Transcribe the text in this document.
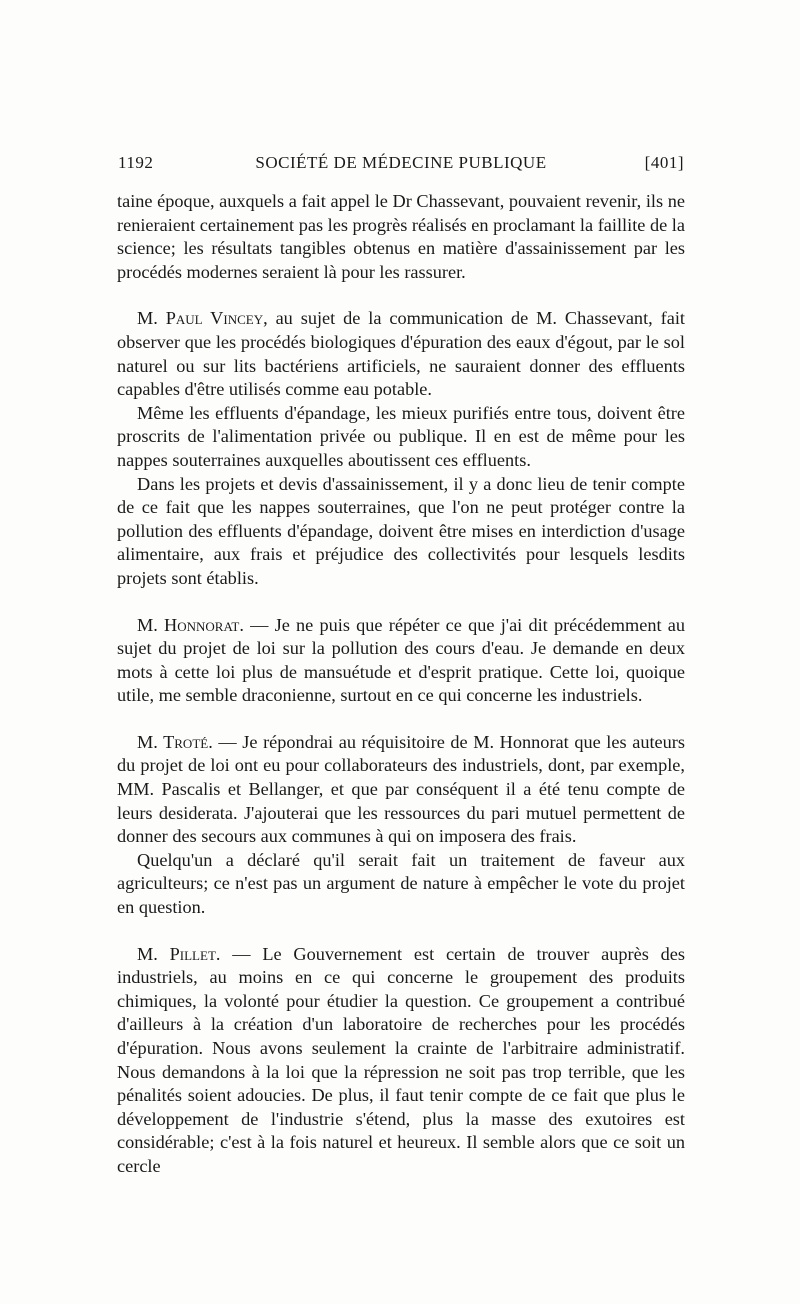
1192	SOCIÉTÉ DE MÉDECINE PUBLIQUE	[401]

taine époque, auxquels a fait appel le Dr Chassevant, pouvaient revenir, ils ne renieraient certainement pas les progrès réalisés en proclamant la faillite de la science; les résultats tangibles obtenus en matière d'assainissement par les procédés modernes seraient là pour les rassurer.

M. Paul Vincey, au sujet de la communication de M. Chassevant, fait observer que les procédés biologiques d'épuration des eaux d'égout, par le sol naturel ou sur lits bactériens artificiels, ne sauraient donner des effluents capables d'être utilisés comme eau potable.

Même les effluents d'épandage, les mieux purifiés entre tous, doivent être proscrits de l'alimentation privée ou publique. Il en est de même pour les nappes souterraines auxquelles aboutissent ces effluents.

Dans les projets et devis d'assainissement, il y a donc lieu de tenir compte de ce fait que les nappes souterraines, que l'on ne peut protéger contre la pollution des effluents d'épandage, doivent être mises en interdiction d'usage alimentaire, aux frais et préjudice des collectivités pour lesquels lesdits projets sont établis.

M. Honnorat. — Je ne puis que répéter ce que j'ai dit précédemment au sujet du projet de loi sur la pollution des cours d'eau. Je demande en deux mots à cette loi plus de mansuétude et d'esprit pratique. Cette loi, quoique utile, me semble draconienne, surtout en ce qui concerne les industriels.

M. Troté. — Je répondrai au réquisitoire de M. Honnorat que les auteurs du projet de loi ont eu pour collaborateurs des industriels, dont, par exemple, MM. Pascalis et Bellanger, et que par conséquent il a été tenu compte de leurs desiderata. J'ajouterai que les ressources du pari mutuel permettent de donner des secours aux communes à qui on imposera des frais.

Quelqu'un a déclaré qu'il serait fait un traitement de faveur aux agriculteurs; ce n'est pas un argument de nature à empêcher le vote du projet en question.

M. Pillet. — Le Gouvernement est certain de trouver auprès des industriels, au moins en ce qui concerne le groupement des produits chimiques, la volonté pour étudier la question. Ce groupement a contribué d'ailleurs à la création d'un laboratoire de recherches pour les procédés d'épuration. Nous avons seulement la crainte de l'arbitraire administratif. Nous demandons à la loi que la répression ne soit pas trop terrible, que les pénalités soient adoucies. De plus, il faut tenir compte de ce fait que plus le développement de l'industrie s'étend, plus la masse des exutoires est considérable; c'est à la fois naturel et heureux. Il semble alors que ce soit un cercle
